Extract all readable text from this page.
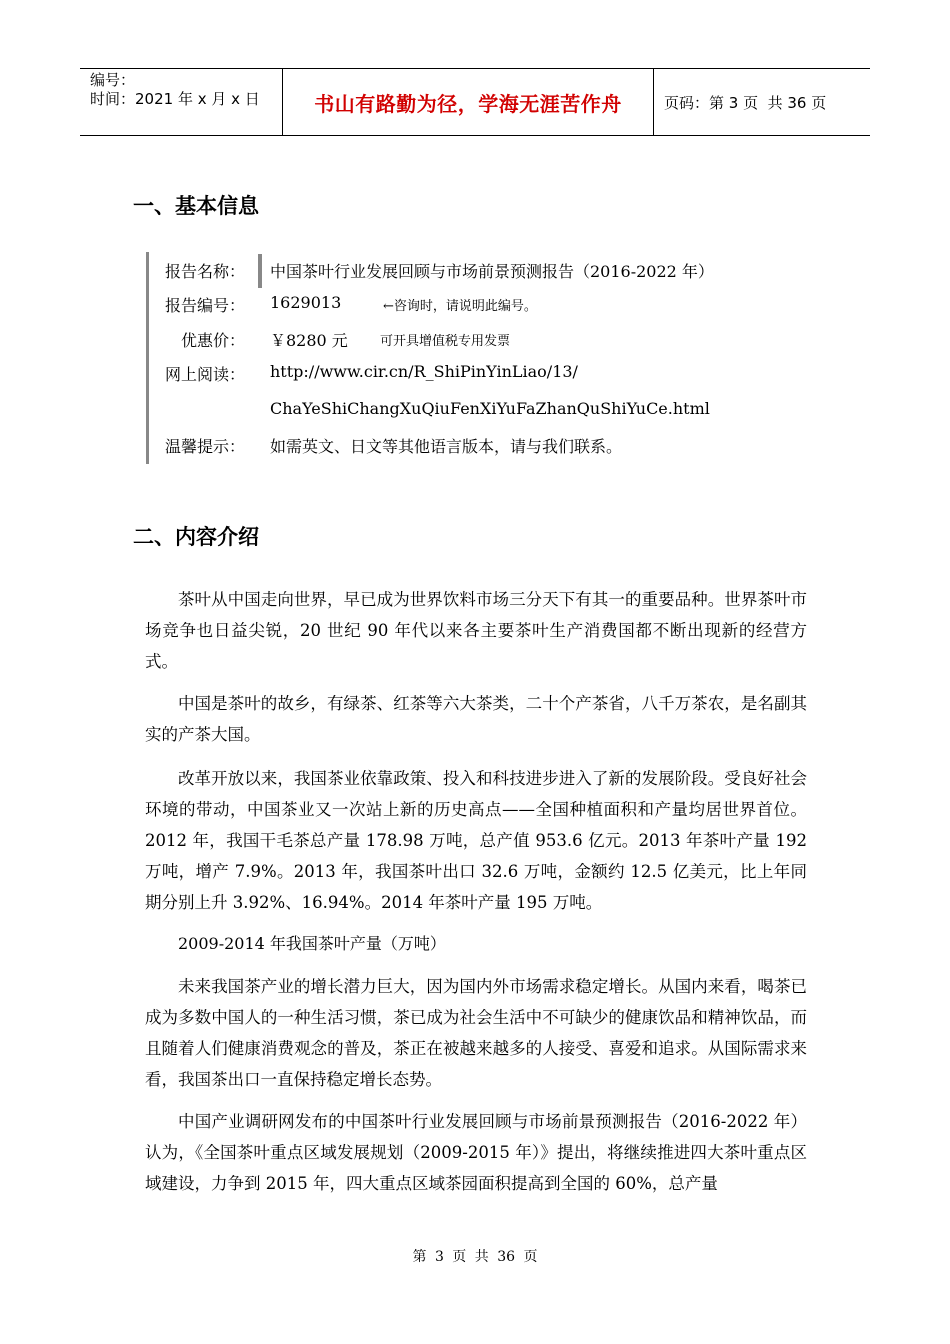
编号：
时间：2021 年 x 月 x 日	书山有路勤为径，学海无涯苦作舟	页码：第 3 页  共 36 页
一、基本信息
报告名称： 中国茶叶行业发展回顾与市场前景预测报告（2016-2022 年）
报告编号： 1629013	←咨询时，请说明此编号。
优惠价： ￥8280 元 可开具增值税专用发票
网上阅读： http://www.cir.cn/R_ShiPinYinLiao/13/
ChaYeShiChangXuQiuFenXiYuFaZhanQuShiYuCe.html
温馨提示： 如需英文、日文等其他语言版本，请与我们联系。
二、内容介绍

茶叶从中国走向世界，早已成为世界饮料市场三分天下有其一的重要品种。世界茶叶市场竞争也日益尖锐，20 世纪 90 年代以来各主要茶叶生产消费国都不断出现新的经营方式。

中国是茶叶的故乡，有绿茶、红茶等六大茶类，二十个产茶省，八千万茶农，是名副其实的产茶大国。

改革开放以来，我国茶业依靠政策、投入和科技进步进入了新的发展阶段。受良好社会环境的带动，中国茶业又一次站上新的历史高点——全国种植面积和产量均居世界首位。2012 年，我国干毛茶总产量 178.98 万吨，总产值 953.6 亿元。2013 年茶叶产量 192 万吨，增产 7.9%。2013 年，我国茶叶出口 32.6 万吨，金额约 12.5 亿美元，比上年同期分别上升 3.92%、16.94%。2014 年茶叶产量 195 万吨。

2009-2014 年我国茶叶产量（万吨）

未来我国茶产业的增长潜力巨大，因为国内外市场需求稳定增长。从国内来看，喝茶已成为多数中国人的一种生活习惯，茶已成为社会生活中不可缺少的健康饮品和精神饮品，而且随着人们健康消费观念的普及，茶正在被越来越多的人接受、喜爱和追求。从国际需求来看，我国茶出口一直保持稳定增长态势。

中国产业调研网发布的中国茶叶行业发展回顾与市场前景预测报告（2016-2022 年）认为，《全国茶叶重点区域发展规划（2009-2015 年）》提出，将继续推进四大茶叶重点区域建设，力争到 2015 年，四大重点区域茶园面积提高到全国的 60%，总产量

第 3 页 共 36 页
